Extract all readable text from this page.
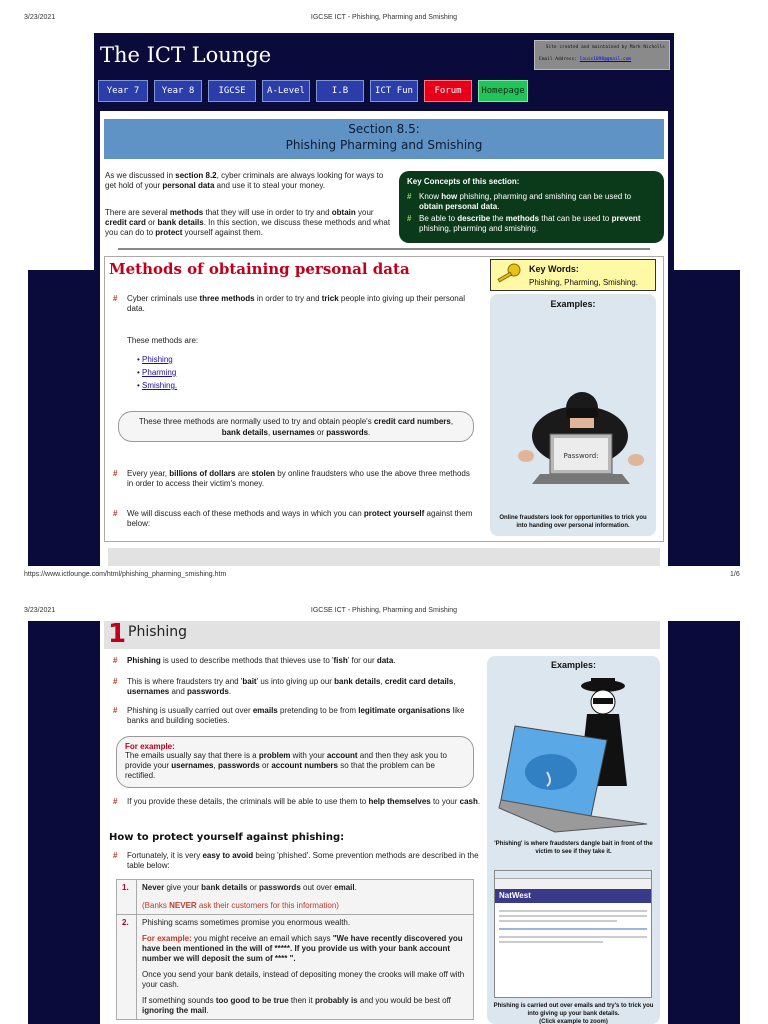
3/23/2021	IGCSE ICT - Phishing, Pharming and Smishing
The ICT Lounge	Site created and maintained by Mark Nicholls
Email Address: louis1098@gmail.com
Year 7	Year 8	IGCSE	A-Level	I.B	ICT Fun	Forum	Homepage
Section 8.5:
Phishing Pharming and Smishing
As we discussed in section 8.2, cyber criminals are always looking for ways to get hold of your personal data and use it to steal your money.
There are several methods that they will use in order to try and obtain your credit card or bank details. In this section, we discuss these methods and what you can do to protect yourself against them.
Key Concepts of this section:
# Know how phishing, pharming and smishing can be used to obtain personal data.
# Be able to describe the methods that can be used to prevent phishing, pharming and smishing.
Methods of obtaining personal data	Key Words:
Phishing, Pharming, Smishing.
Examples:
Password:
Online fraudsters look for opportunities to trick you into handing over personal information.
# Cyber criminals use three methods in order to try and trick people into giving up their personal data.
These methods are:
• Phishing
• Pharming
• Smishing.
These three methods are normally used to try and obtain people's credit card numbers, bank details, usernames or passwords.
# Every year, billions of dollars are stolen by online fraudsters who use the above three methods in order to access their victim's money.
# We will discuss each of these methods and ways in which you can protect yourself against them below:
https://www.ictlounge.com/html/phishing_pharming_smishing.htm	1/6
3/23/2021	IGCSE ICT - Phishing, Pharming and Smishing
1 Phishing
Examples:
'Phishing' is where fraudsters dangle bait in front of the victim to see if they take it.
NatWest
Phishing is carried out over emails and try's to trick you into giving up your bank details.
(Click example to zoom)
# Phishing is used to describe methods that thieves use to 'fish' for our data.
# This is where fraudsters try and 'bait' us into giving up our bank details, credit card details, usernames and passwords.
# Phishing is usually carried out over emails pretending to be from legitimate organisations like banks and building societies.
For example:
The emails usually say that there is a problem with your account and then they ask you to provide your usernames, passwords or account numbers so that the problem can be rectified.
# If you provide these details, the criminals will be able to use them to help themselves to your cash.
How to protect yourself against phishing:
# Fortunately, it is very easy to avoid being 'phished'. Some prevention methods are described in the table below:
1.	Never give your bank details or passwords out over email.
(Banks NEVER ask their customers for this information)

2.	Phishing scams sometimes promise you enormous wealth.
For example: you might receive an email which says "We have recently discovered you have been mentioned in the will of *****. If you provide us with your bank account number we will deposit the sum of **** ".
Once you send your bank details, instead of depositing money the crooks will make off with your cash.
If something sounds too good to be true then it probably is and you would be best off ignoring the mail.
